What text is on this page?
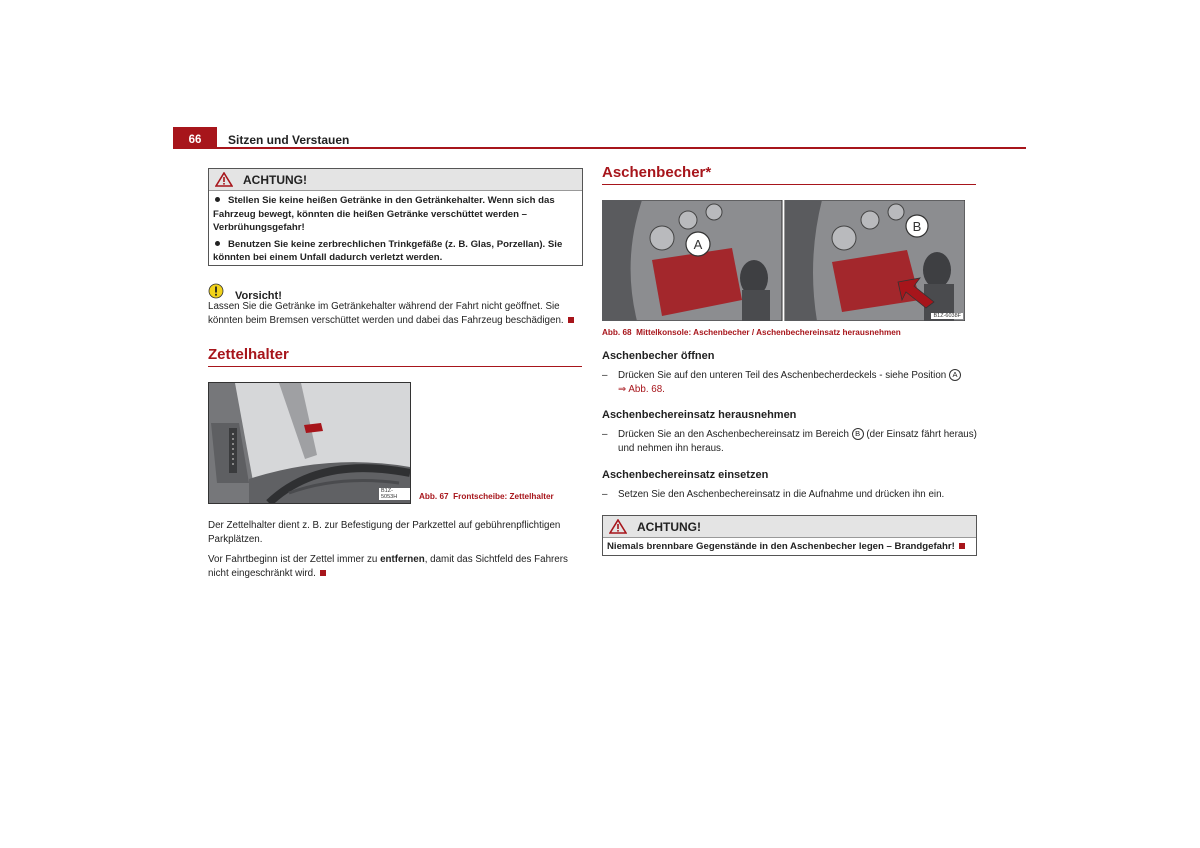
66	Sitzen und Verstauen
ACHTUNG!

Stellen Sie keine heißen Getränke in den Getränkehalter. Wenn sich das Fahrzeug bewegt, könnten die heißen Getränke verschüttet werden – Verbrühungsgefahr!

Benutzen Sie keine zerbrechlichen Trinkgefäße (z. B. Glas, Porzellan). Sie könnten bei einem Unfall dadurch verletzt werden.

Vorsicht!
Lassen Sie die Getränke im Getränkehalter während der Fahrt nicht geöffnet. Sie könnten beim Bremsen verschüttet werden und dabei das Fahrzeug beschädigen.
Zettelhalter
B1Z-5053H	Abb. 67 Frontscheibe: Zettelhalter

Der Zettelhalter dient z. B. zur Befestigung der Parkzettel auf gebührenpflichtigen Parkplätzen.

Vor Fahrtbeginn ist der Zettel immer zu entfernen, damit das Sichtfeld des Fahrers nicht eingeschränkt wird.

Aschenbecher*
A
B
B1Z-6038F
Abb. 68 Mittelkonsole: Aschenbecher / Aschenbechereinsatz herausnehmen
Aschenbecher öffnen
– Drücken Sie auf den unteren Teil des Aschenbecherdeckels - siehe Position A
⇒ Abb. 68.
Aschenbechereinsatz herausnehmen
– Drücken Sie an den Aschenbechereinsatz im Bereich B (der Einsatz fährt heraus) und nehmen ihn heraus.
Aschenbechereinsatz einsetzen
– Setzen Sie den Aschenbechereinsatz in die Aufnahme und drücken ihn ein.
ACHTUNG!
Niemals brennbare Gegenstände in den Aschenbecher legen – Brandgefahr!
